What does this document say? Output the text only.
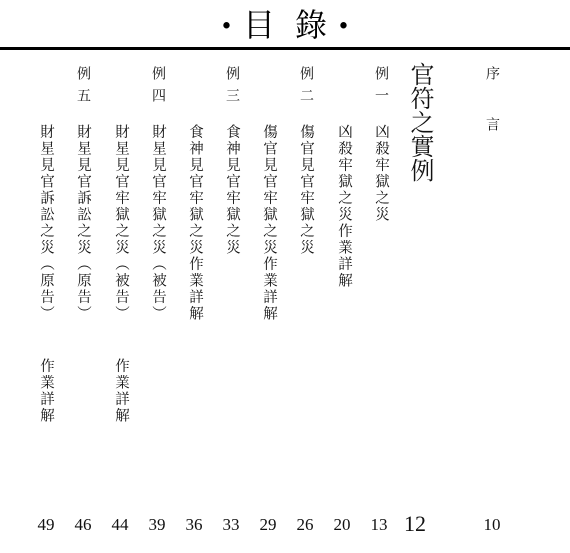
• 目 錄 •
序　　言
10
官符之實例
12
例一
凶殺牢獄之災
13
凶殺牢獄之災作業詳解
20
例二
傷官見官牢獄之災
26
傷官見官牢獄之災作業詳解
29
例三
食神見官牢獄之災
33
食神見官牢獄之災作業詳解
36
例四
財星見官牢獄之災（被告）
39
財星見官牢獄之災（被告）
作業詳解
44
例五
財星見官訴訟之災（原告）
46
財星見官訴訟之災（原告）
作業詳解
49
